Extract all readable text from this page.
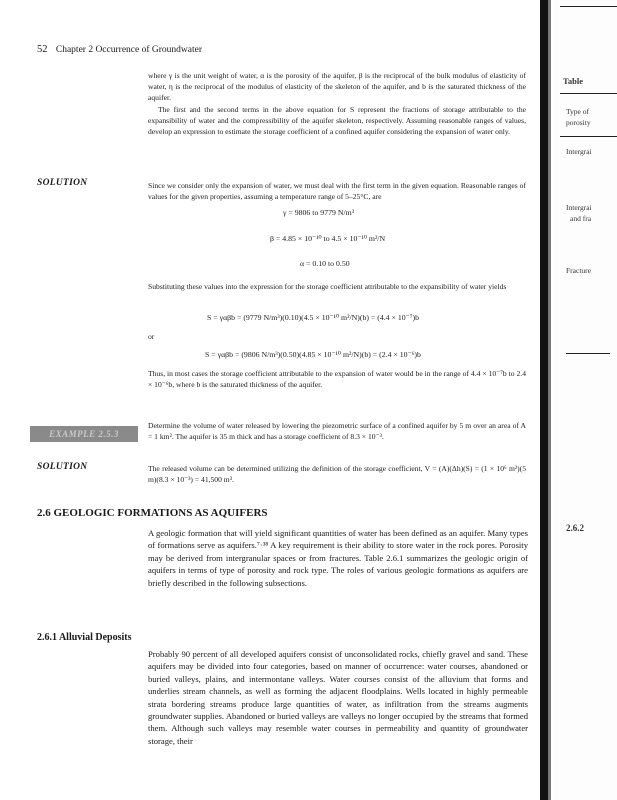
52 Chapter 2 Occurrence of Groundwater
where γ is the unit weight of water, α is the porosity of the aquifer, β is the reciprocal of the bulk modulus of elasticity of water, η is the reciprocal of the modulus of elasticity of the skeleton of the aquifer, and b is the saturated thickness of the aquifer.
The first and the second terms in the above equation for S represent the fractions of storage attributable to the expansibility of water and the compressibility of the aquifer skeleton, respectively. Assuming reasonable ranges of values, develop an expression to estimate the storage coefficient of a confined aquifer considering the expansion of water only.
SOLUTION	Since we consider only the expansion of water, we must deal with the first term in the given equation. Reasonable ranges of values for the given properties, assuming a temperature range of 5–25°C, are
γ = 9806 to 9779 N/m³
β = 4.85 × 10⁻¹⁰ to 4.5 × 10⁻¹⁰ m²/N
α = 0.10 to 0.50
Substituting these values into the expression for the storage coefficient attributable to the expansibility of water yields
S = γαβb = (9779 N/m³)(0.10)(4.5 × 10⁻¹⁰ m²/N)(b) = (4.4 × 10⁻⁷)b
or
S = γαβb = (9806 N/m³)(0.50)(4.85 × 10⁻¹⁰ m²/N)(b) = (2.4 × 10⁻⁶)b
Thus, in most cases the storage coefficient attributable to the expansion of water would be in the range of 4.4 × 10⁻⁷b to 2.4 × 10⁻⁶b, where b is the saturated thickness of the aquifer.
EXAMPLE 2.5.3
Determine the volume of water released by lowering the piezometric surface of a confined aquifer by 5 m over an area of A = 1 km². The aquifer is 35 m thick and has a storage coefficient of 8.3 × 10⁻³.
SOLUTION	The released volume can be determined utilizing the definition of the storage coefficient, V = (A)(Δh)(S) = (1 × 10⁶ m²)(5 m)(8.3 × 10⁻³) = 41,500 m³.
2.6 GEOLOGIC FORMATIONS AS AQUIFERS
A geologic formation that will yield significant quantities of water has been defined as an aquifer. Many types of formations serve as aquifers.⁷·³⁸ A key requirement is their ability to store water in the rock pores. Porosity may be derived from intergranular spaces or from fractures. Table 2.6.1 summarizes the geologic origin of aquifers in terms of type of porosity and rock type. The roles of various geologic formations as aquifers are briefly described in the following subsections.
2.6.1 Alluvial Deposits
Probably 90 percent of all developed aquifers consist of unconsolidated rocks, chiefly gravel and sand. These aquifers may be divided into four categories, based on manner of occurrence: water courses, abandoned or buried valleys, plains, and intermontane valleys. Water courses consist of the alluvium that forms and underlies stream channels, as well as forming the adjacent floodplains. Wells located in highly permeable strata bordering streams produce large quantities of water, as infiltration from the streams augments groundwater supplies. Abandoned or buried valleys are valleys no longer occupied by the streams that formed them. Although such valleys may resemble water courses in permeability and quantity of groundwater storage, their
Table
Type of
porosity
Intergrai
Intergrai
and fra
Fracture
2.6.2
